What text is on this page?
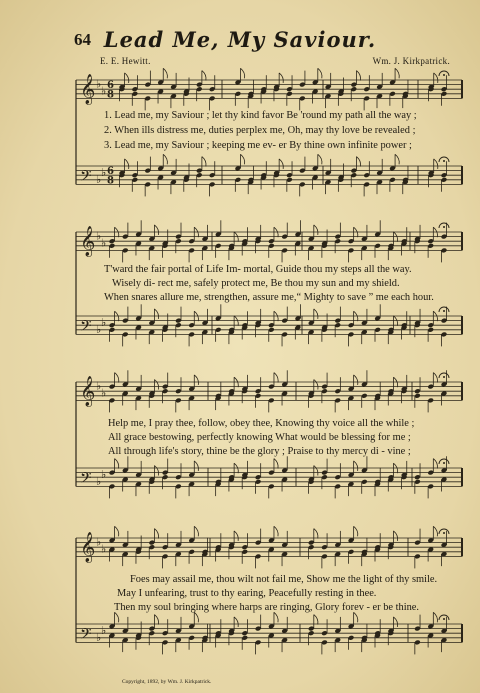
64 Lead Me, My Saviour.
E. E. Hewitt.	Wm. J. Kirkpatrick.
𝄞 ♭
♭ 6
8
𝄞 ♭
♭
𝄞 ♭
♭
𝄞 ♭
♭
𝄢 ♭
♭ 6
8
𝄢 ♭
♭
𝄢 ♭
♭
𝄢 ♭
♭
1. Lead me, my Saviour ; let thy kind favor Be 'round my path all the way ;
2. When ills distress me, duties perplex me, Oh, may thy love be revealed ;
3. Lead me, my Saviour ; keeping me ev- er By thine own infinite power ;
T'ward the fair portal of Life Im- mortal, Guide thou my steps all the way.
Wisely di- rect me, safely protect me, Be thou my sun and my shield.
When snares allure me, strengthen, assure me,“ Mighty to save ” me each hour.
Help me, I pray thee, follow, obey thee, Knowing thy voice all the while ;
All grace bestowing, perfectly knowing What would be blessing for me ;
All through life's story, thine be the glory ; Praise to thy mercy di - vine ;
Foes may assail me, thou wilt not fail me, Show me the light of thy smile.
May I unfearing, trust to thy earing, Peacefully resting in thee.
Then my soul bringing where harps are ringing, Glory forev - er be thine.
Copyright, 1892, by Wm. J. Kirkpatrick.
